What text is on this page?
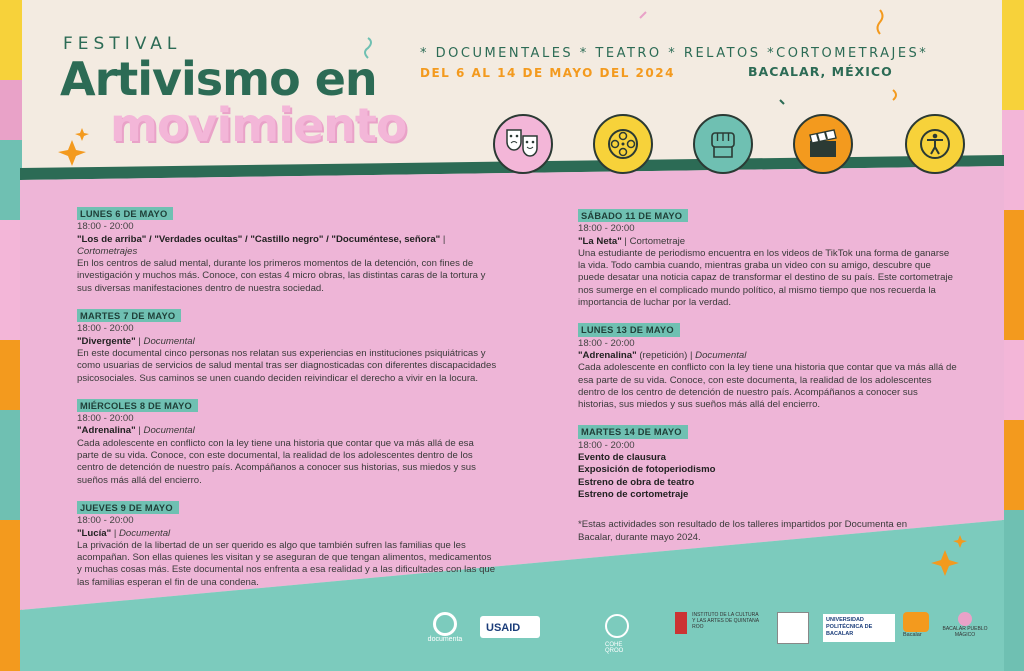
FESTIVAL
Artivismo en
movimiento
* DOCUMENTALES * TEATRO * RELATOS *CORTOMETRAJES*
DEL 6 AL 14 DE MAYO DEL 2024	BACALAR, MÉXICO
LUNES 6 DE MAYO
18:00 - 20:00
"Los de arriba" / "Verdades ocultas" / "Castillo negro" / "Documéntese, señora" |
Cortometrajes
En los centros de salud mental, durante los primeros momentos de la detención, con fines de investigación y muchos más. Conoce, con estas 4 micro obras, las distintas caras de la tortura y sus diversas manifestaciones dentro de nuestra sociedad.
MARTES 7 DE MAYO
18:00 - 20:00
"Divergente" | Documental
En este documental cinco personas nos relatan sus experiencias en instituciones psiquiátricas y como usuarias de servicios de salud mental tras ser diagnosticadas con diferentes discapacidades psicosociales. Sus caminos se unen cuando deciden reivindicar el derecho a vivir en la locura.
MIÉRCOLES 8 DE MAYO
18:00 - 20:00
"Adrenalina" | Documental
Cada adolescente en conflicto con la ley tiene una historia que contar que va más allá de esa parte de su vida. Conoce, con este documental, la realidad de los adolescentes dentro de los centro de detención de nuestro país. Acompáñanos a conocer sus historias, sus miedos y sus sueños más allá del encierro.
JUEVES 9 DE MAYO
18:00 - 20:00
"Lucía" | Documental
La privación de la libertad de un ser querido es algo que también sufren las familias que les acompañan. Son ellas quienes les visitan y se aseguran de que tengan alimentos, medicamentos y muchas cosas más. Este documental nos enfrenta a esa realidad y a las dificultades con las que las familias esperan el fin de una condena.
SÁBADO 11 DE MAYO
18:00 - 20:00
"La Neta" | Cortometraje
Una estudiante de periodismo encuentra en los videos de TikTok una forma de ganarse la vida. Todo cambia cuando, mientras graba un video con su amigo, descubre que puede desatar una noticia capaz de transformar el destino de su país. Este cortometraje nos sumerge en el complicado mundo político, al mismo tiempo que nos recuerda la importancia de luchar por la verdad.
LUNES 13 DE MAYO
18:00 - 20:00
"Adrenalina" (repetición) | Documental
Cada adolescente en conflicto con la ley tiene una historia que contar que va más allá de esa parte de su vida. Conoce, con este documenta, la realidad de los adolescentes dentro de los centro de detención de nuestro país. Acompáñanos a conocer sus historias, sus miedos y sus sueños más allá del encierro.
MARTES 14 DE MAYO
18:00 - 20:00
Evento de clausura
Exposición de fotoperiodismo
Estreno de obra de teatro
Estreno de cortometraje
*Estas actividades son resultado de los talleres impartidos por Documenta en Bacalar, durante mayo 2024.
documenta
USAID
COHE QROO
INSTITUTO DE LA CULTURA Y LAS ARTES DE QUINTANA ROO
UNIVERSIDAD POLITÉCNICA DE BACALAR	Bacalar
BACALAR PUEBLO MÁGICO
